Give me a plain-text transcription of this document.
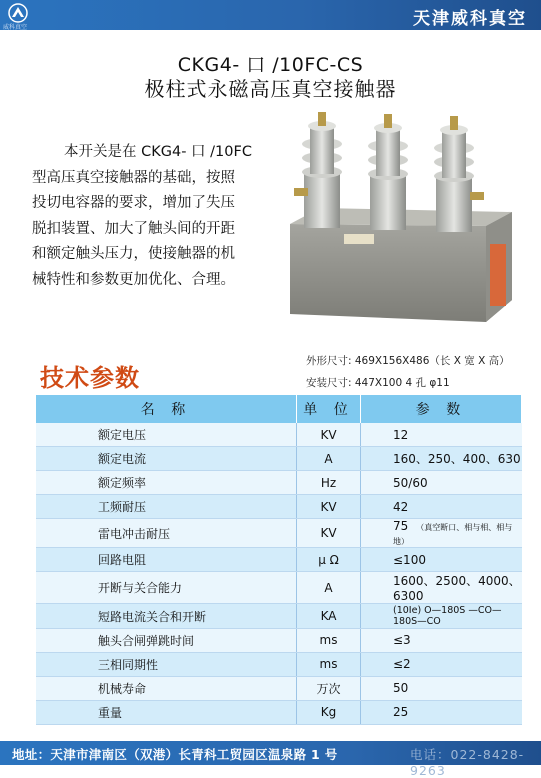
威科真空	天津威科真空
CKG4- 口 /10FC-CS
极柱式永磁高压真空接触器
本开关是在 CKG4- 口 /10FC
型高压真空接触器的基础，按照
投切电容器的要求，增加了失压
脱扣装置、加大了触头间的开距
和额定触头压力，使接触器的机
械特性和参数更加优化、合理。
外形尺寸: 469X156X486（长 X 宽 X 高）
安装尺寸: 447X100 4 孔 φ11
技术参数
名 称	单 位	参 数
额定电压	KV	12
额定电流	A	160、250、400、630
额定频率	Hz	50/60
工频耐压	KV	42
雷电冲击耐压	KV	75 （真空断口、相与相、相与地）
回路电阻	μ Ω	≤100
开断与关合能力	A	1600、2500、4000、6300
短路电流关合和开断	KA	(10Ie) O—180S —CO—180S—CO
触头合闸弹跳时间	ms	≤3
三相同期性	ms	≤2
机械寿命	万次	50
重量	Kg	25
地址：天津市津南区（双港）长青科工贸园区温泉路 1 号	电话：022-8428-9263
